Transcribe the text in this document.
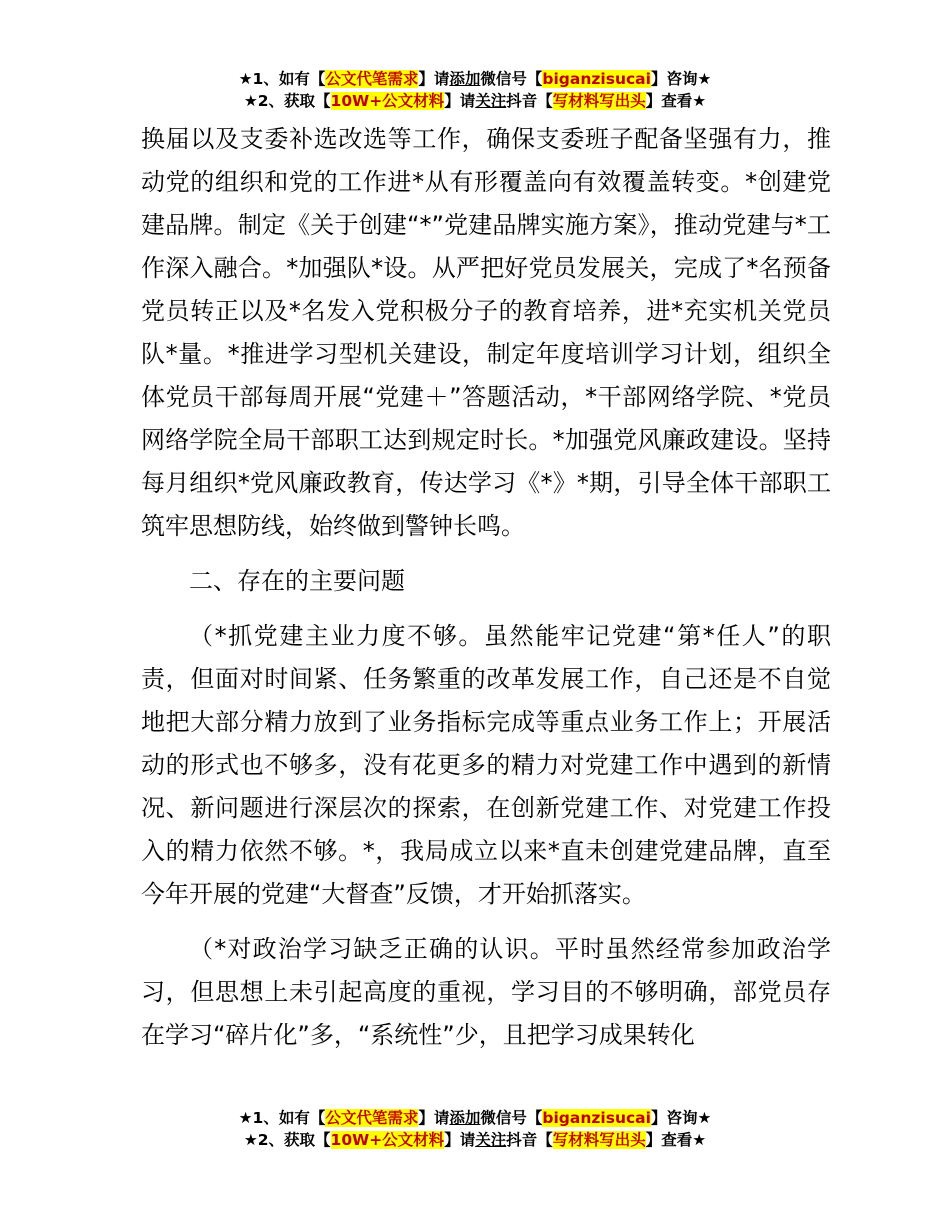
★1、如有【公文代笔需求】请添加微信号【biganzisucai】咨询★
★2、获取【10W+公文材料】请关注抖音【写材料写出头】查看★

换届以及支委补选改选等工作，确保支委班子配备坚强有力，推动党的组织和党的工作进*从有形覆盖向有效覆盖转变。*创建党建品牌。制定《关于创建“*”党建品牌实施方案》，推动党建与*工作深入融合。*加强队*设。从严把好党员发展关，完成了*名预备党员转正以及*名发入党积极分子的教育培养，进*充实机关党员队*量。*推进学习型机关建设，制定年度培训学习计划，组织全体党员干部每周开展“党建＋”答题活动，*干部网络学院、*党员网络学院全局干部职工达到规定时长。*加强党风廉政建设。坚持每月组织*党风廉政教育，传达学习《*》*期，引导全体干部职工筑牢思想防线，始终做到警钟长鸣。

二、存在的主要问题

（*抓党建主业力度不够。虽然能牢记党建“第*任人”的职责，但面对时间紧、任务繁重的改革发展工作，自己还是不自觉地把大部分精力放到了业务指标完成等重点业务工作上；开展活动的形式也不够多，没有花更多的精力对党建工作中遇到的新情况、新问题进行深层次的探索，在创新党建工作、对党建工作投入的精力依然不够。*，我局成立以来*直未创建党建品牌，直至今年开展的党建“大督查”反馈，才开始抓落实。

（*对政治学习缺乏正确的认识。平时虽然经常参加政治学习，但思想上未引起高度的重视，学习目的不够明确，部党员存在学习“碎片化”多，“系统性”少，且把学习成果转化

★1、如有【公文代笔需求】请添加微信号【biganzisucai】咨询★
★2、获取【10W+公文材料】请关注抖音【写材料写出头】查看★
